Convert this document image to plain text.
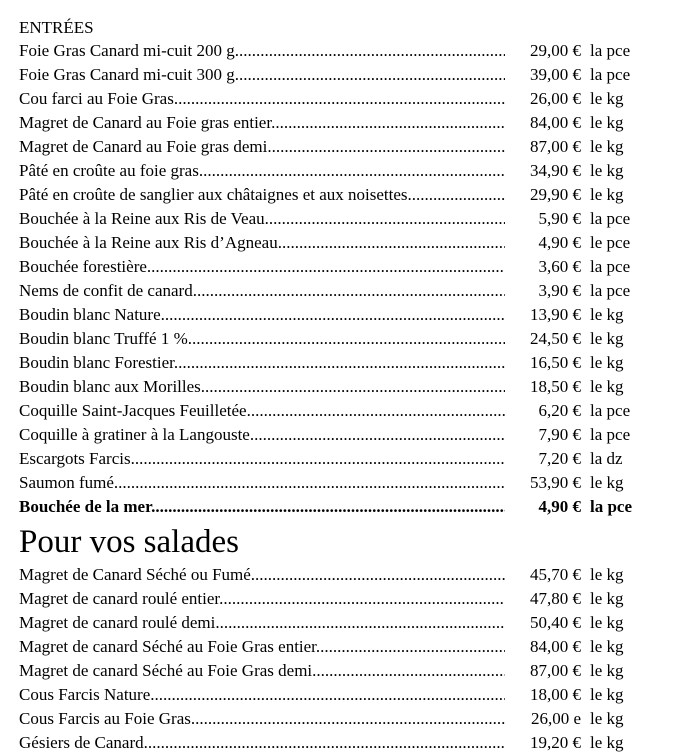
ENTRÉES
Foie Gras Canard mi-cuit 200 g .....	29,00 € la pce
Foie Gras Canard mi-cuit 300 g .....	39,00 € la pce
Cou farci au Foie Gras .....	26,00 € le kg
Magret de Canard au Foie gras entier .....	84,00 € le kg
Magret de Canard au Foie gras demi .....	87,00 € le kg
Pâté en croûte au foie gras .....	34,90 € le kg
Pâté en croûte de sanglier aux châtaignes et aux noisettes .....	29,90 € le kg
Bouchée à la Reine aux Ris de Veau .....	5,90 € la pce
Bouchée à la Reine aux Ris d’Agneau .....	4,90 € le pce
Bouchée forestière .....	3,60 € la pce
Nems de confit de canard .....	3,90 € la pce
Boudin blanc Nature .....	13,90 € le kg
Boudin blanc Truffé 1 % .....	24,50 € le kg
Boudin blanc Forestier .....	16,50 € le kg
Boudin blanc aux Morilles .....	18,50 € le kg
Coquille Saint-Jacques Feuilletée .....	6,20 € la pce
Coquille à gratiner à la Langouste .....	7,90 € la pce
Escargots Farcis .....	7,20 € la dz
Saumon fumé .....	53,90 € le kg
Bouchée de la mer .....	4,90 € la pce
Pour vos salades
Magret de Canard Séché ou Fumé .....	45,70 € le kg
Magret de canard roulé entier .....	47,80 € le kg
Magret de canard roulé demi .....	50,40 € le kg
Magret de canard Séché au Foie Gras entier .....	84,00 € le kg
Magret de canard Séché au Foie Gras demi .....	87,00 € le kg
Cous Farcis Nature .....	18,00 € le kg
Cous Farcis au Foie Gras .....	26,00 e le kg
Gésiers de Canard .....	19,20 € le kg
